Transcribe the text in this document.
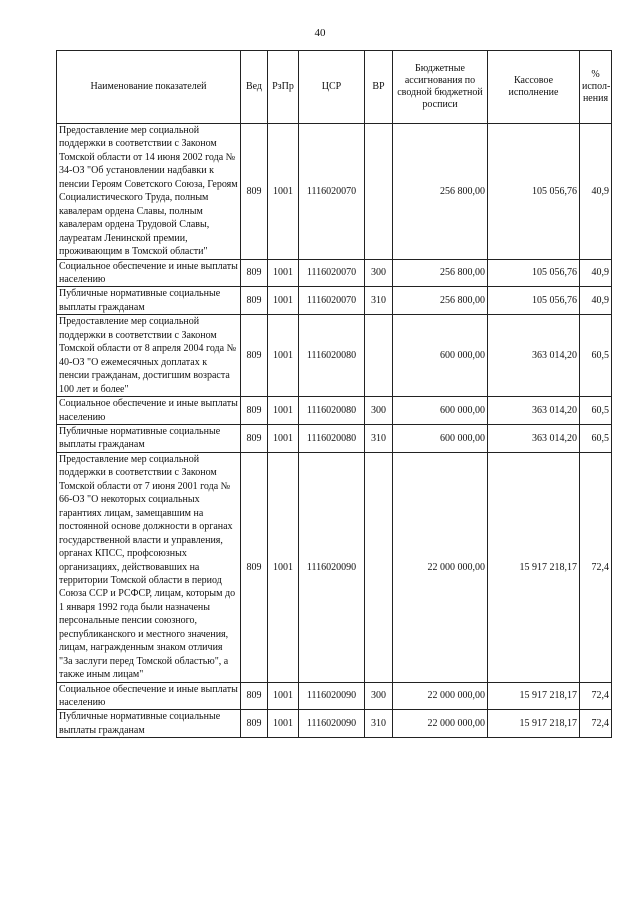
40
Наименование показателей	Вед	РзПр	ЦСР	ВР	Бюджетные ассигнования по сводной бюджетной росписи	Кассовое исполнение	% испол-нения
Предоставление мер социальной поддержки в соответствии с Законом Томской области от 14 июня 2002 года № 34-ОЗ "Об установлении надбавки к пенсии Героям Советского Союза, Героям Социалистического Труда, полным кавалерам ордена Славы, полным кавалерам ордена Трудовой Славы, лауреатам Ленинской премии, проживающим в Томской области"	809	1001	1116020070		256 800,00	105 056,76	40,9
Социальное обеспечение и иные выплаты населению	809	1001	1116020070	300	256 800,00	105 056,76	40,9
Публичные нормативные социальные выплаты гражданам	809	1001	1116020070	310	256 800,00	105 056,76	40,9
Предоставление мер социальной поддержки в соответствии с Законом Томской области от 8 апреля 2004 года № 40-ОЗ "О ежемесячных доплатах к пенсии гражданам, достигшим возраста 100 лет и более"	809	1001	1116020080		600 000,00	363 014,20	60,5
Социальное обеспечение и иные выплаты населению	809	1001	1116020080	300	600 000,00	363 014,20	60,5
Публичные нормативные социальные выплаты гражданам	809	1001	1116020080	310	600 000,00	363 014,20	60,5
Предоставление мер социальной поддержки в соответствии с Законом Томской области от 7 июня 2001 года № 66-ОЗ "О некоторых социальных гарантиях лицам, замещавшим на постоянной основе должности в органах государственной власти и управления, органах КПСС, профсоюзных организациях, действовавших на территории Томской области в период Союза ССР и РСФСР, лицам, которым до 1 января 1992 года были назначены персональные пенсии союзного, республиканского и местного значения, лицам, награжденным знаком отличия "За заслуги перед Томской областью", а также иным лицам"	809	1001	1116020090		22 000 000,00	15 917 218,17	72,4
Социальное обеспечение и иные выплаты населению	809	1001	1116020090	300	22 000 000,00	15 917 218,17	72,4
Публичные нормативные социальные выплаты гражданам	809	1001	1116020090	310	22 000 000,00	15 917 218,17	72,4
